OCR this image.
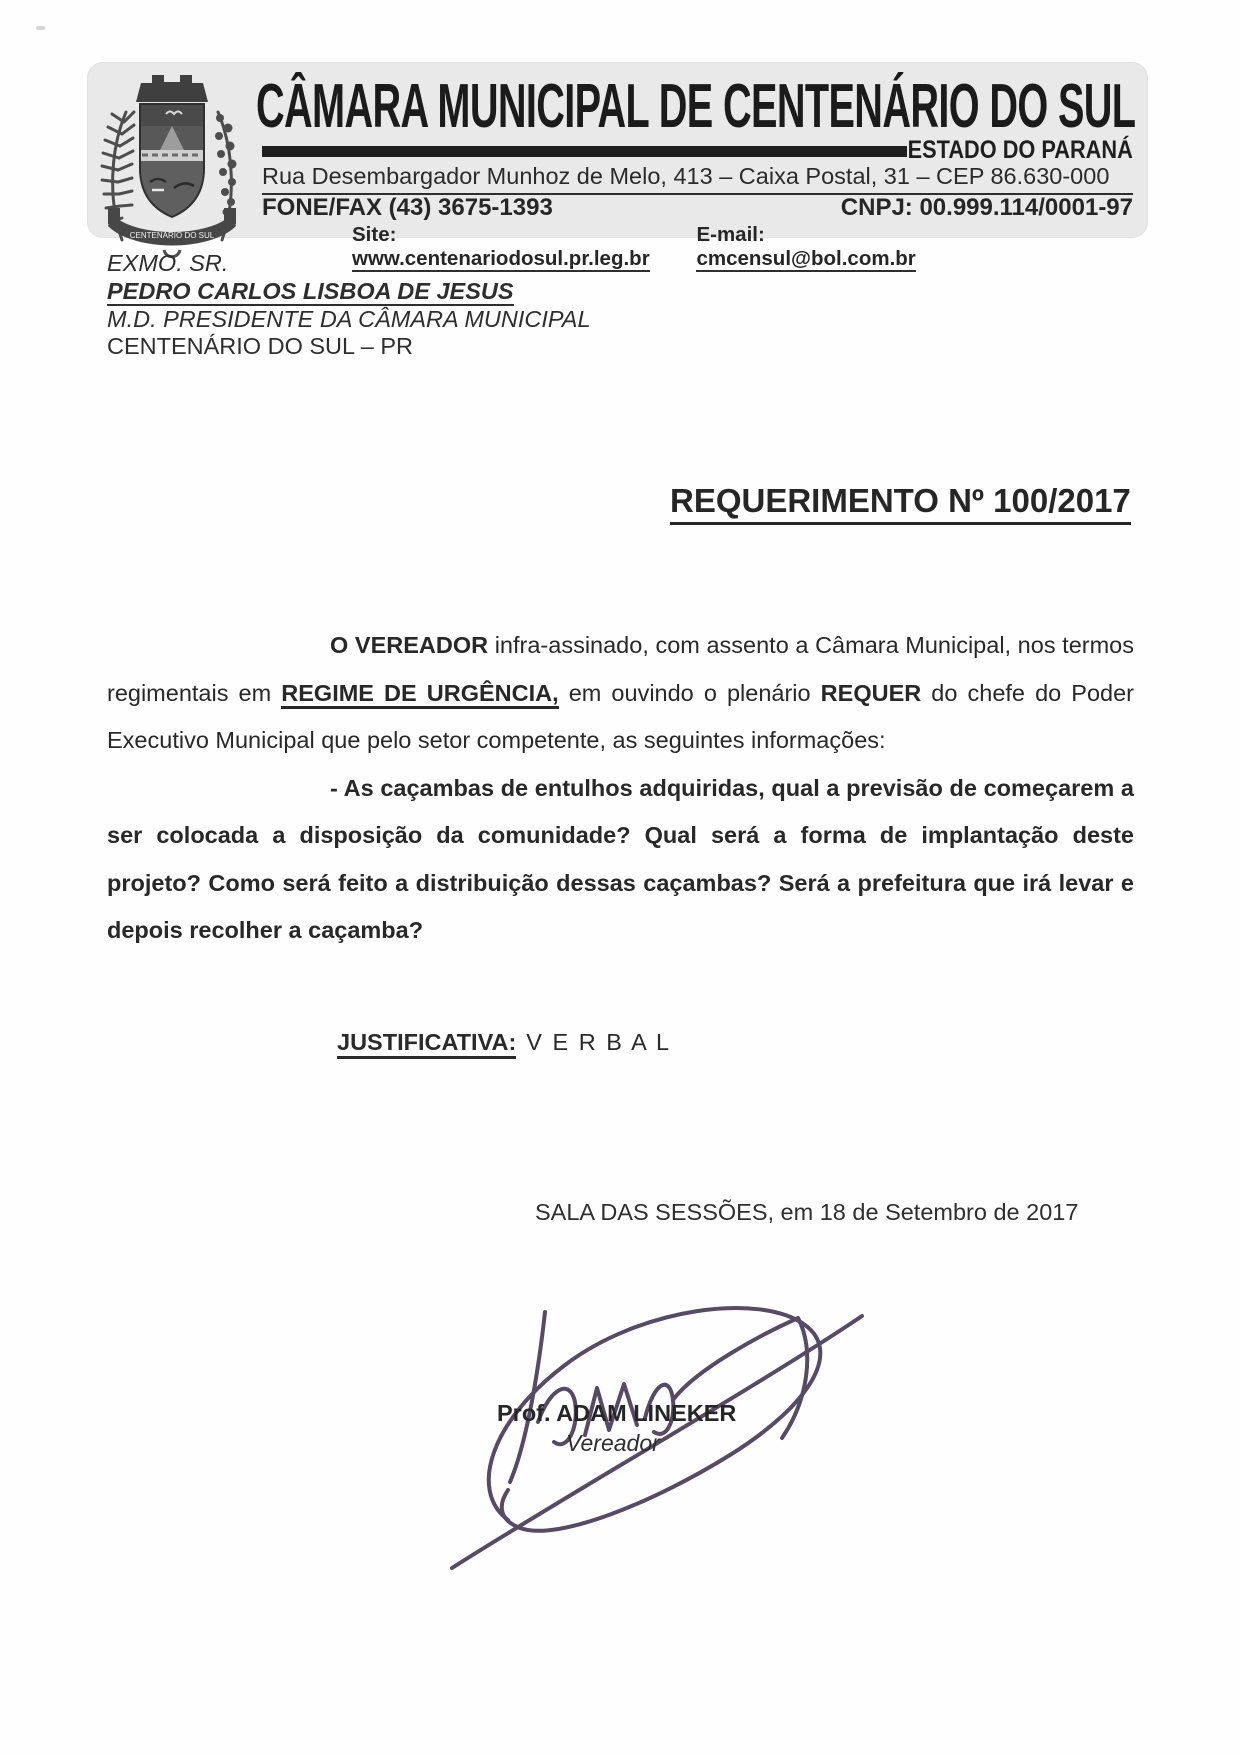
CENTENÁRIO DO SUL
CÂMARA MUNICIPAL DE CENTENÁRIO DO SUL
ESTADO DO PARANÁ
Rua Desembargador Munhoz de Melo, 413 – Caixa Postal, 31 – CEP 86.630-000
FONE/FAX (43) 3675-1393	CNPJ: 00.999.114/0001-97
Site: www.centenariodosul.pr.leg.br
E-mail: cmcensul@bol.com.br
EXMO. SR.
PEDRO CARLOS LISBOA DE JESUS
M.D. PRESIDENTE DA CÂMARA MUNICIPAL
CENTENÁRIO DO SUL – PR
REQUERIMENTO Nº 100/2017

O VEREADOR infra-assinado, com assento a Câmara Municipal, nos termos regimentais em REGIME DE URGÊNCIA, em ouvindo o plenário REQUER do chefe do Poder Executivo Municipal que pelo setor competente, as seguintes informações:

- As caçambas de entulhos adquiridas, qual a previsão de começarem a ser colocada a disposição da comunidade? Qual será a forma de implantação deste projeto? Como será feito a distribuição dessas caçambas? Será a prefeitura que irá levar e depois recolher a caçamba?

JUSTIFICATIVA: V E R B A L
SALA DAS SESSÕES, em 18 de Setembro de 2017
Prof. ADAM LINEKER
Vereador
